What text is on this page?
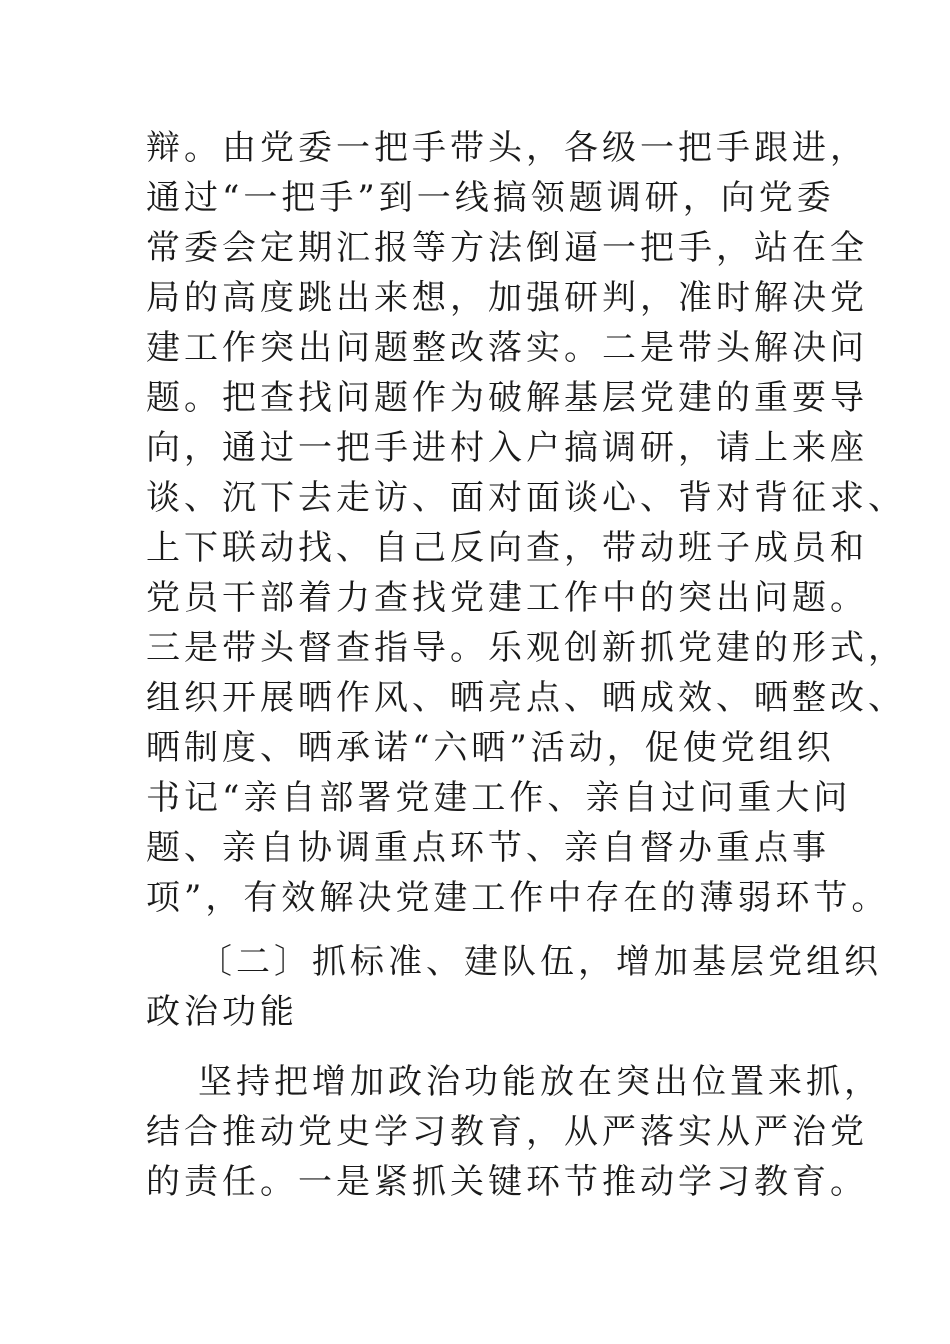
辩。由党委一把手带头，各级一把手跟进，
通过“一把手”到一线搞领题调研，向党委
常委会定期汇报等方法倒逼一把手，站在全
局的高度跳出来想，加强研判，准时解决党
建工作突出问题整改落实。二是带头解决问
题。把查找问题作为破解基层党建的重要导
向，通过一把手进村入户搞调研，请上来座
谈、沉下去走访、面对面谈心、背对背征求、
上下联动找、自己反向查，带动班子成员和
党员干部着力查找党建工作中的突出问题。
三是带头督查指导。乐观创新抓党建的形式，
组织开展晒作风、晒亮点、晒成效、晒整改、
晒制度、晒承诺“六晒”活动，促使党组织
书记“亲自部署党建工作、亲自过问重大问
题、亲自协调重点环节、亲自督办重点事
项”，有效解决党建工作中存在的薄弱环节。
〔二〕抓标准、建队伍，增加基层党组织
政治功能
坚持把增加政治功能放在突出位置来抓，
结合推动党史学习教育，从严落实从严治党
的责任。一是紧抓关键环节推动学习教育。
